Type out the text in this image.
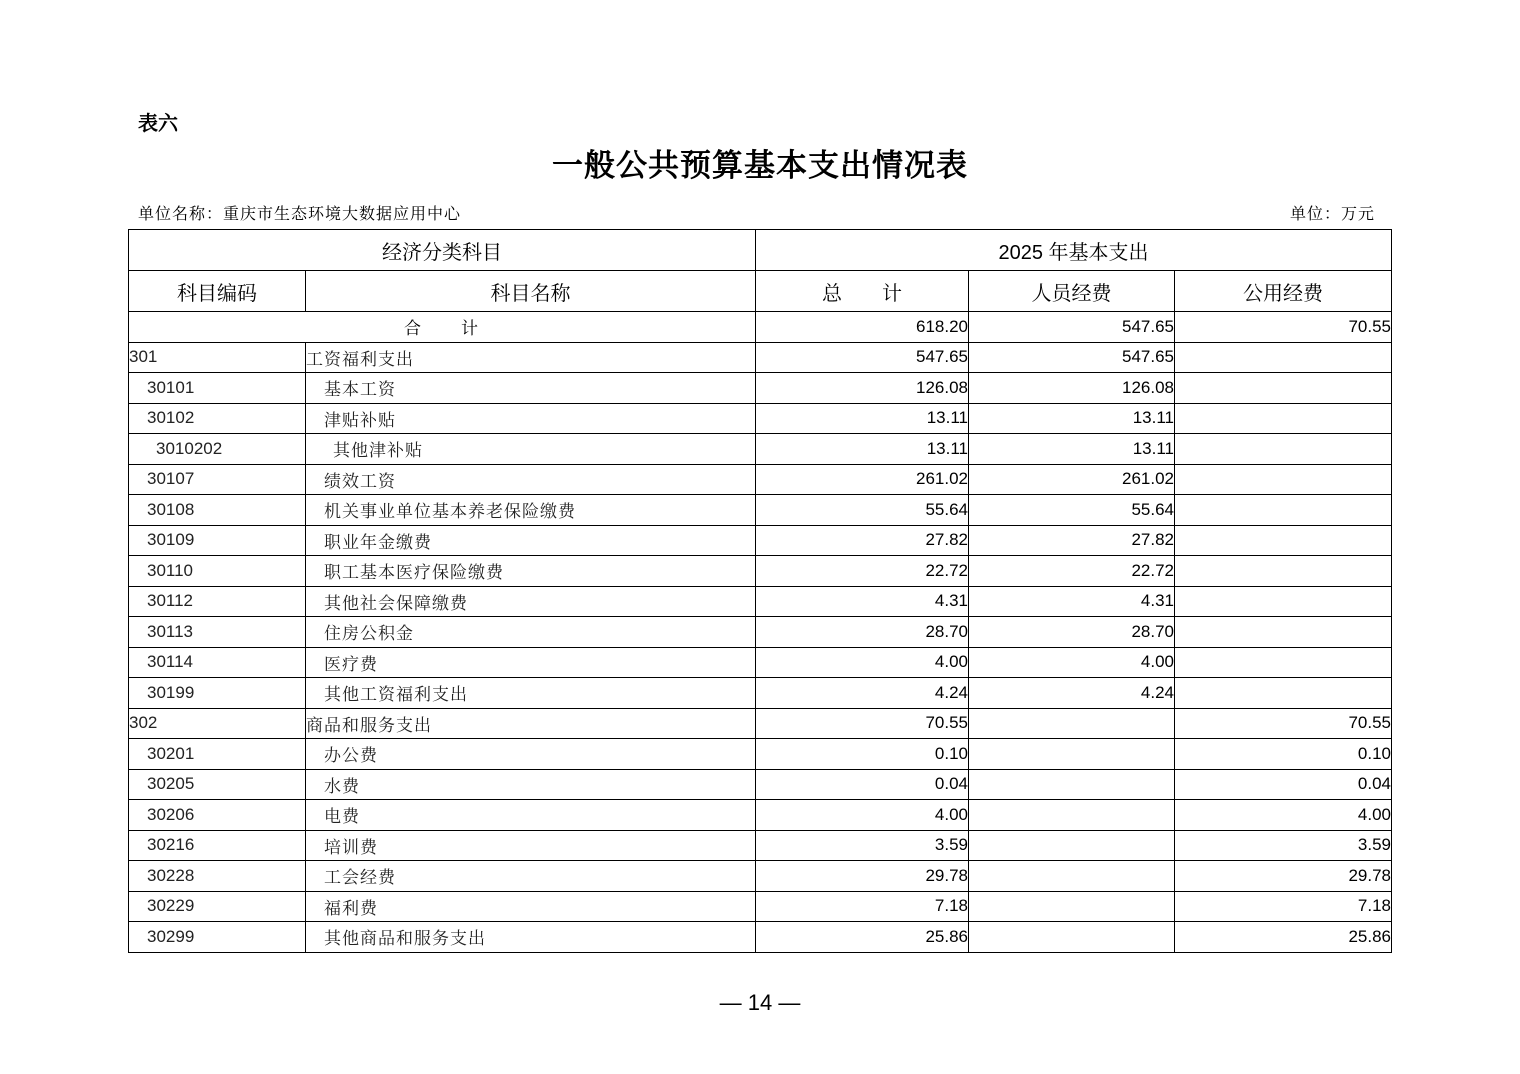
表六
一般公共预算基本支出情况表
单位名称：重庆市生态环境大数据应用中心	单位：万元
经济分类科目		2025 年基本支出		
科目编码	科目名称	总　　计	人员经费	公用经费
合　　计		618.20	547.65	70.55
301	工资福利支出	547.65	547.65	
30101	基本工资	126.08	126.08	
30102	津贴补贴	13.11	13.11	
3010202	其他津补贴	13.11	13.11	
30107	绩效工资	261.02	261.02	
30108	机关事业单位基本养老保险缴费	55.64	55.64	
30109	职业年金缴费	27.82	27.82	
30110	职工基本医疗保险缴费	22.72	22.72	
30112	其他社会保障缴费	4.31	4.31	
30113	住房公积金	28.70	28.70	
30114	医疗费	4.00	4.00	
30199	其他工资福利支出	4.24	4.24	
302	商品和服务支出	70.55		70.55
30201	办公费	0.10		0.10
30205	水费	0.04		0.04
30206	电费	4.00		4.00
30216	培训费	3.59		3.59
30228	工会经费	29.78		29.78
30229	福利费	7.18		7.18
30299	其他商品和服务支出	25.86		25.86
— 14 —
